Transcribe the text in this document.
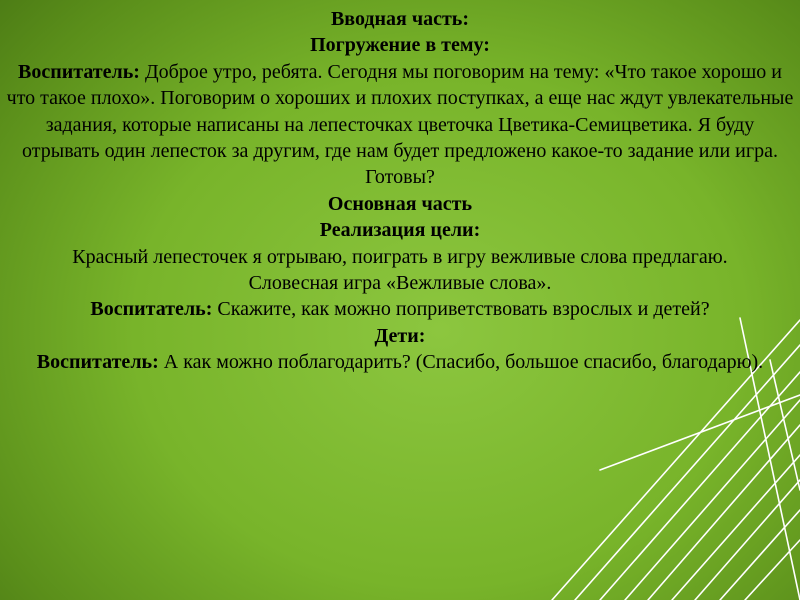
Вводная часть:

Погружение в тему:

Воспитатель: Доброе утро, ребята. Сегодня мы поговорим на тему: «Что такое хорошо и что такое плохо». Поговорим о хороших и плохих поступках, а еще нас ждут увлекательные задания, которые написаны на лепесточках цветочка Цветика-Семицветика. Я буду отрывать один лепесток за другим, где нам будет предложено какое-то задание или игра. Готовы?

Основная часть

Реализация цели:

Красный лепесточек я отрываю, поиграть в игру вежливые слова предлагаю.

Словесная игра «Вежливые слова».

Воспитатель: Скажите, как можно поприветствовать взрослых и детей?

Дети:

Воспитатель: А как можно поблагодарить? (Спасибо, большое спасибо, благодарю).
